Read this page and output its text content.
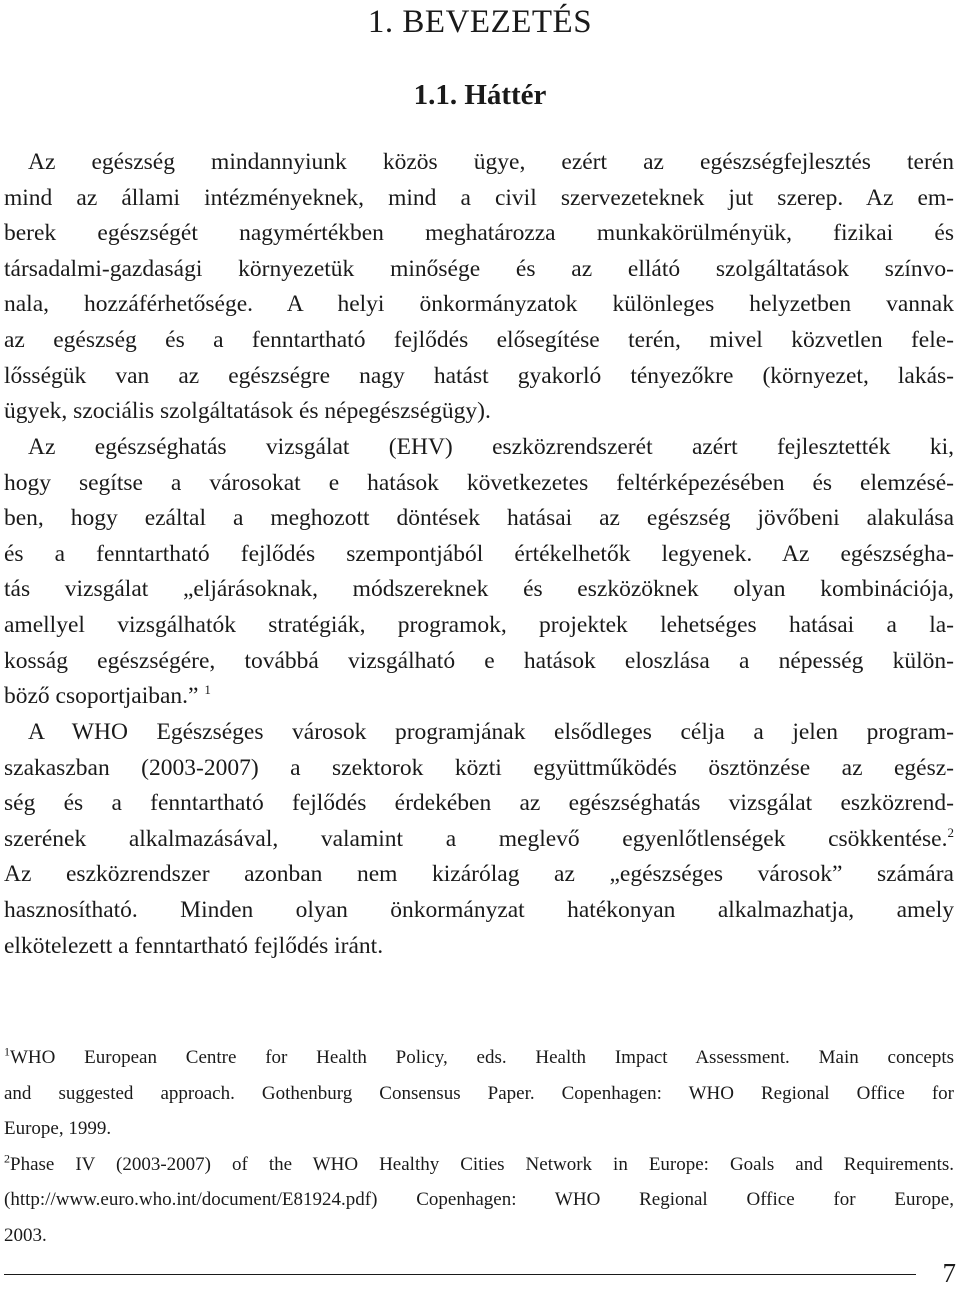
1. BEVEZETÉS
1.1. Háttér
Az egészség mindannyiunk közös ügye, ezért az egészségfejlesztés terén
mind az állami intézményeknek, mind a civil szervezeteknek jut szerep. Az em-
berek egészségét nagymértékben meghatározza munkakörülményük, fizikai és
társadalmi-gazdasági környezetük minősége és az ellátó szolgáltatások színvo-
nala, hozzáférhetősége. A helyi önkormányzatok különleges helyzetben vannak
az egészség és a fenntartható fejlődés elősegítése terén, mivel közvetlen fele-
lősségük van az egészségre nagy hatást gyakorló tényezőkre (környezet, lakás-
ügyek, szociális szolgáltatások és népegészségügy).
Az egészséghatás vizsgálat (EHV) eszközrendszerét azért fejlesztették ki,
hogy segítse a városokat e hatások következetes feltérképezésében és elemzésé-
ben, hogy ezáltal a meghozott döntések hatásai az egészség jövőbeni alakulása
és a fenntartható fejlődés szempontjából értékelhetők legyenek. Az egészségha-
tás vizsgálat „eljárásoknak, módszereknek és eszközöknek olyan kombinációja,
amellyel vizsgálhatók stratégiák, programok, projektek lehetséges hatásai a la-
kosság egészségére, továbbá vizsgálható e hatások eloszlása a népesség külön-
böző csoportjaiban.” $^1$
A WHO Egészséges városok programjának elsődleges célja a jelen program-
szakaszban (2003-2007) a szektorok közti együttműködés ösztönzése az egész-
ség és a fenntartható fejlődés érdekében az egészséghatás vizsgálat eszközrend-
szerének alkalmazásával, valamint a meglevő egyenlőtlenségek csökkentése.$^2$
Az eszközrendszer azonban nem kizárólag az „egészséges városok” számára
hasznosítható. Minden olyan önkormányzat hatékonyan alkalmazhatja, amely
elkötelezett a fenntartható fejlődés iránt.
$^1$WHO European Centre for Health Policy, eds. Health Impact Assessment. Main concepts
and suggested approach. Gothenburg Consensus Paper. Copenhagen: WHO Regional Office for
Europe, 1999.
$^2$Phase IV (2003-2007) of the WHO Healthy Cities Network in Europe: Goals and Requirements.
(http://www.euro.who.int/document/E81924.pdf) Copenhagen: WHO Regional Office for Europe,
2003.
7
